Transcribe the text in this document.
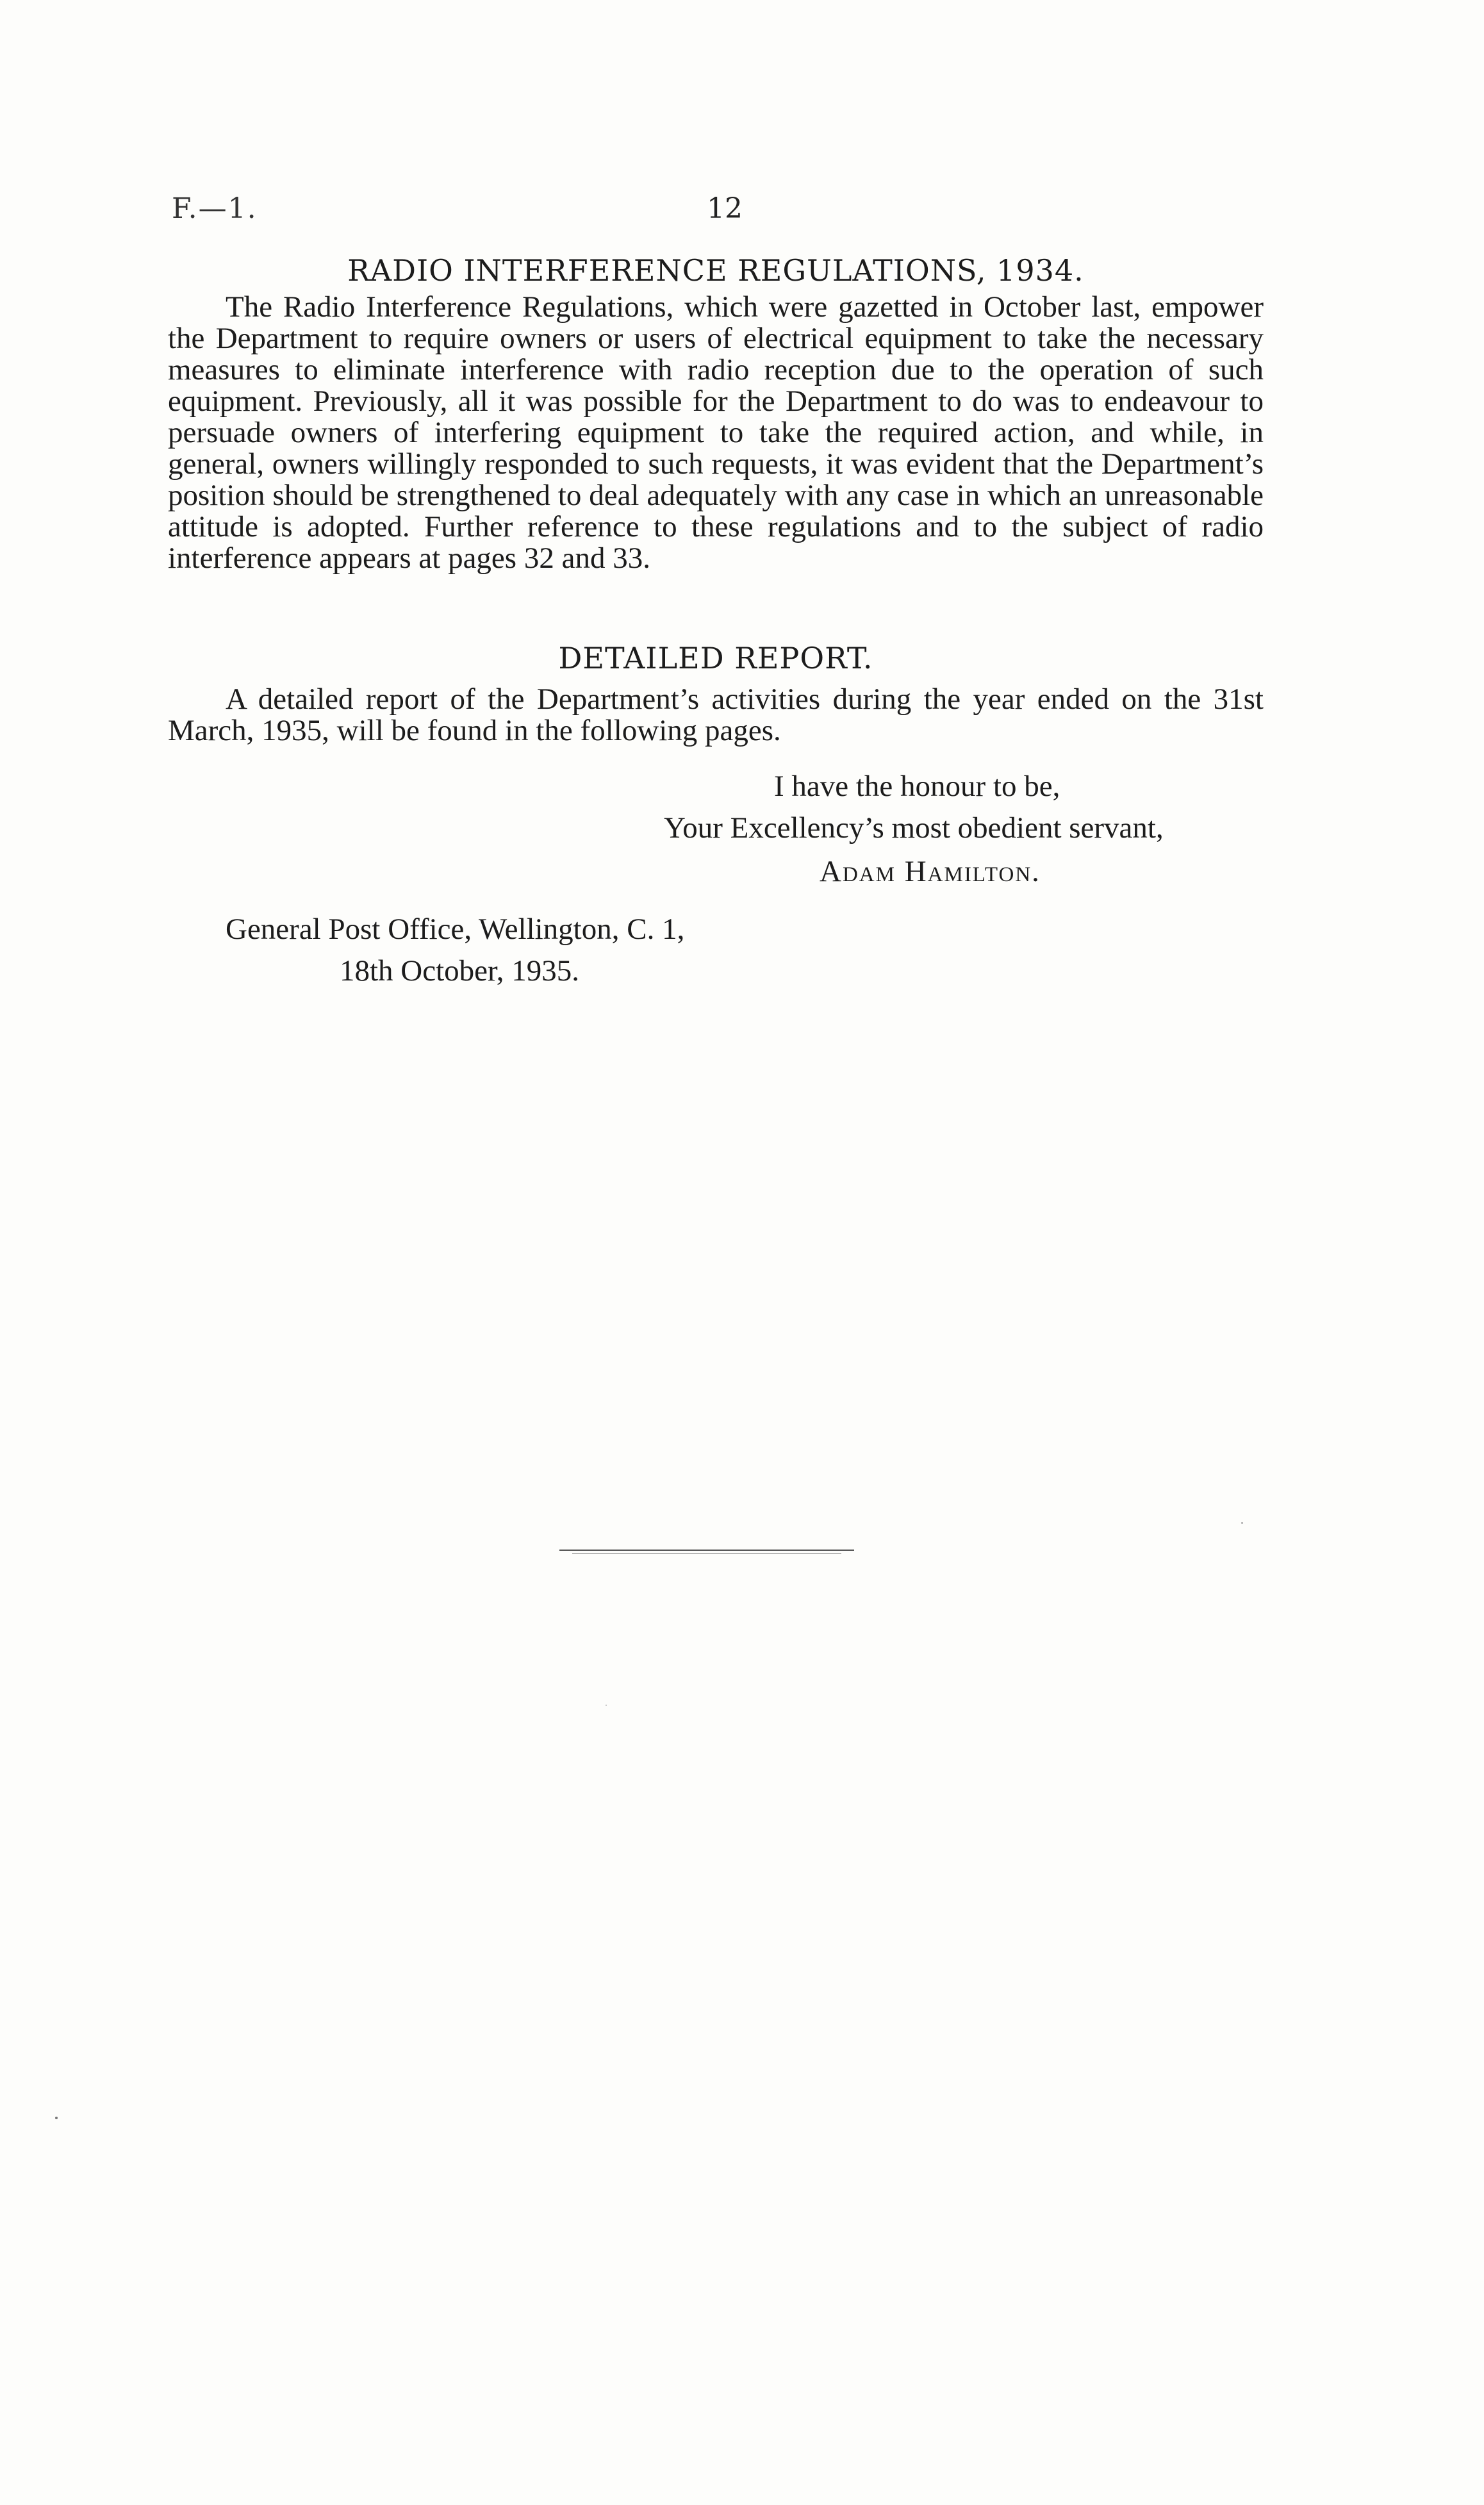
F.—1.	12
RADIO INTERFERENCE REGULATIONS, 1934.
The Radio Interference Regulations, which were gazetted in October last, empower the Department to require owners or users of electrical equipment to take the necessary measures to eliminate interference with radio reception due to the operation of such equipment. Previously, all it was possible for the Department to do was to endeavour to persuade owners of interfering equipment to take the required action, and while, in general, owners willingly responded to such requests, it was evident that the Department’s position should be strengthened to deal adequately with any case in which an unreasonable attitude is adopted. Further reference to these regulations and to the subject of radio interference appears at pages 32 and 33.
DETAILED REPORT.
A detailed report of the Department’s activities during the year ended on the 31st March, 1935, will be found in the following pages.
I have the honour to be,
Your Excellency’s most obedient servant,
Adam Hamilton.
General Post Office, Wellington, C. 1,
18th October, 1935.
